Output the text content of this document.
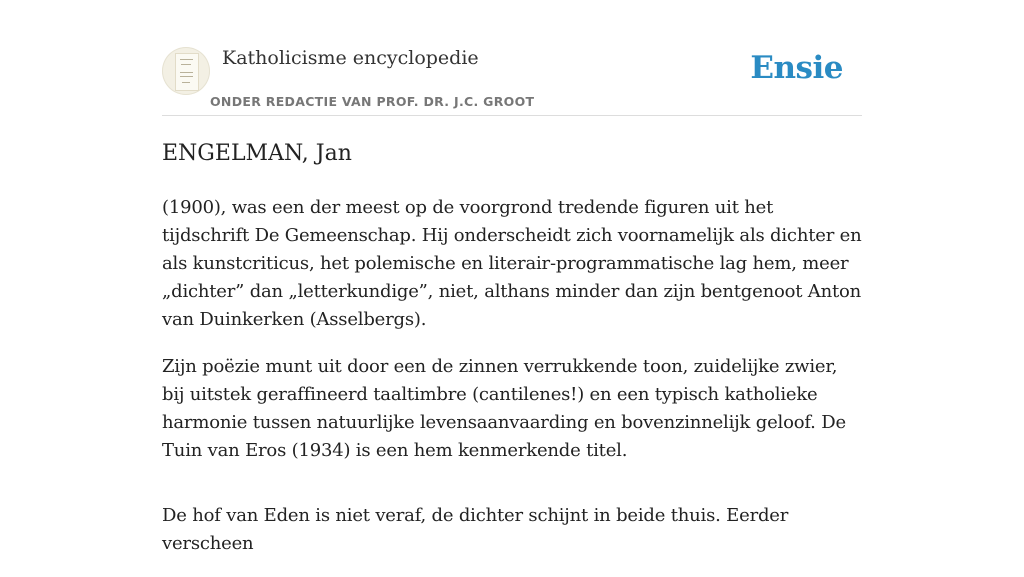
Katholicisme encyclopedie
ONDER REDACTIE VAN PROF. DR. J.C. GROOT
Ensie
ENGELMAN, Jan

(1900), was een der meest op de voorgrond tredende figuren uit het tijdschrift De Gemeenschap. Hij onderscheidt zich voornamelijk als dichter en als kunstcriticus, het polemische en literair-programmatische lag hem, meer „dichter” dan „letterkundige”, niet, althans minder dan zijn bentgenoot Anton van Duinkerken (Asselbergs).

Zijn poëzie munt uit door een de zinnen verrukkende toon, zuidelijke zwier, bij uitstek geraffineerd taaltimbre (cantilenes!) en een typisch katholieke harmonie tussen natuurlijke levensaanvaarding en bovenzinnelijk geloof. De Tuin van Eros (1934) is een hem kenmerkende titel.

De hof van Eden is niet veraf, de dichter schijnt in beide thuis. Eerder verscheen
